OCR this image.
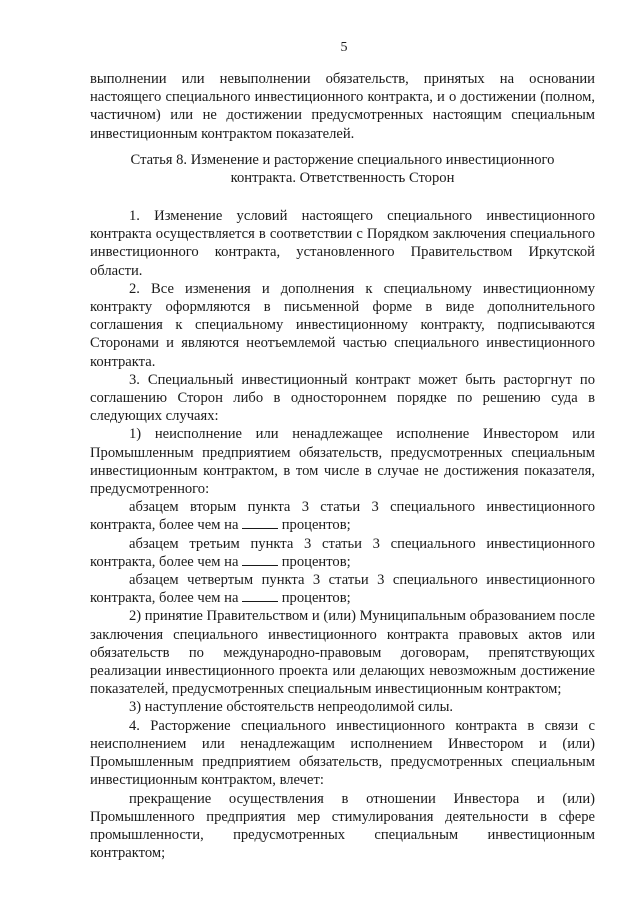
5

выполнении или невыполнении обязательств, принятых на основании настоящего специального инвестиционного контракта, и о достижении (полном, частичном) или не достижении предусмотренных настоящим специальным инвестиционным контрактом показателей.

Статья 8. Изменение и расторжение специального инвестиционного
контракта. Ответственность Сторон

1. Изменение условий настоящего специального инвестиционного контракта осуществляется в соответствии с Порядком заключения специального инвестиционного контракта, установленного Правительством Иркутской области.

2. Все изменения и дополнения к специальному инвестиционному контракту оформляются в письменной форме в виде дополнительного соглашения к специальному инвестиционному контракту, подписываются Сторонами и являются неотъемлемой частью специального инвестиционного контракта.

3. Специальный инвестиционный контракт может быть расторгнут по соглашению Сторон либо в одностороннем порядке по решению суда в следующих случаях:

1) неисполнение или ненадлежащее исполнение Инвестором или Промышленным предприятием обязательств, предусмотренных специальным инвестиционным контрактом, в том числе в случае не достижения показателя, предусмотренного:

абзацем вторым пункта 3 статьи 3 специального инвестиционного контракта, более чем на	процентов;

абзацем третьим пункта 3 статьи 3 специального инвестиционного контракта, более чем на	процентов;

абзацем четвертым пункта 3 статьи 3 специального инвестиционного контракта, более чем на	процентов;

2) принятие Правительством и (или) Муниципальным образованием после заключения специального инвестиционного контракта правовых актов или обязательств по международно-правовым договорам, препятствующих реализации инвестиционного проекта или делающих невозможным достижение показателей, предусмотренных специальным инвестиционным контрактом;

3) наступление обстоятельств непреодолимой силы.

4. Расторжение специального инвестиционного контракта в связи с неисполнением или ненадлежащим исполнением Инвестором и (или) Промышленным предприятием обязательств, предусмотренных специальным инвестиционным контрактом, влечет:

прекращение осуществления в отношении Инвестора и (или) Промышленного предприятия мер стимулирования деятельности в сфере промышленности, предусмотренных специальным инвестиционным контрактом;
